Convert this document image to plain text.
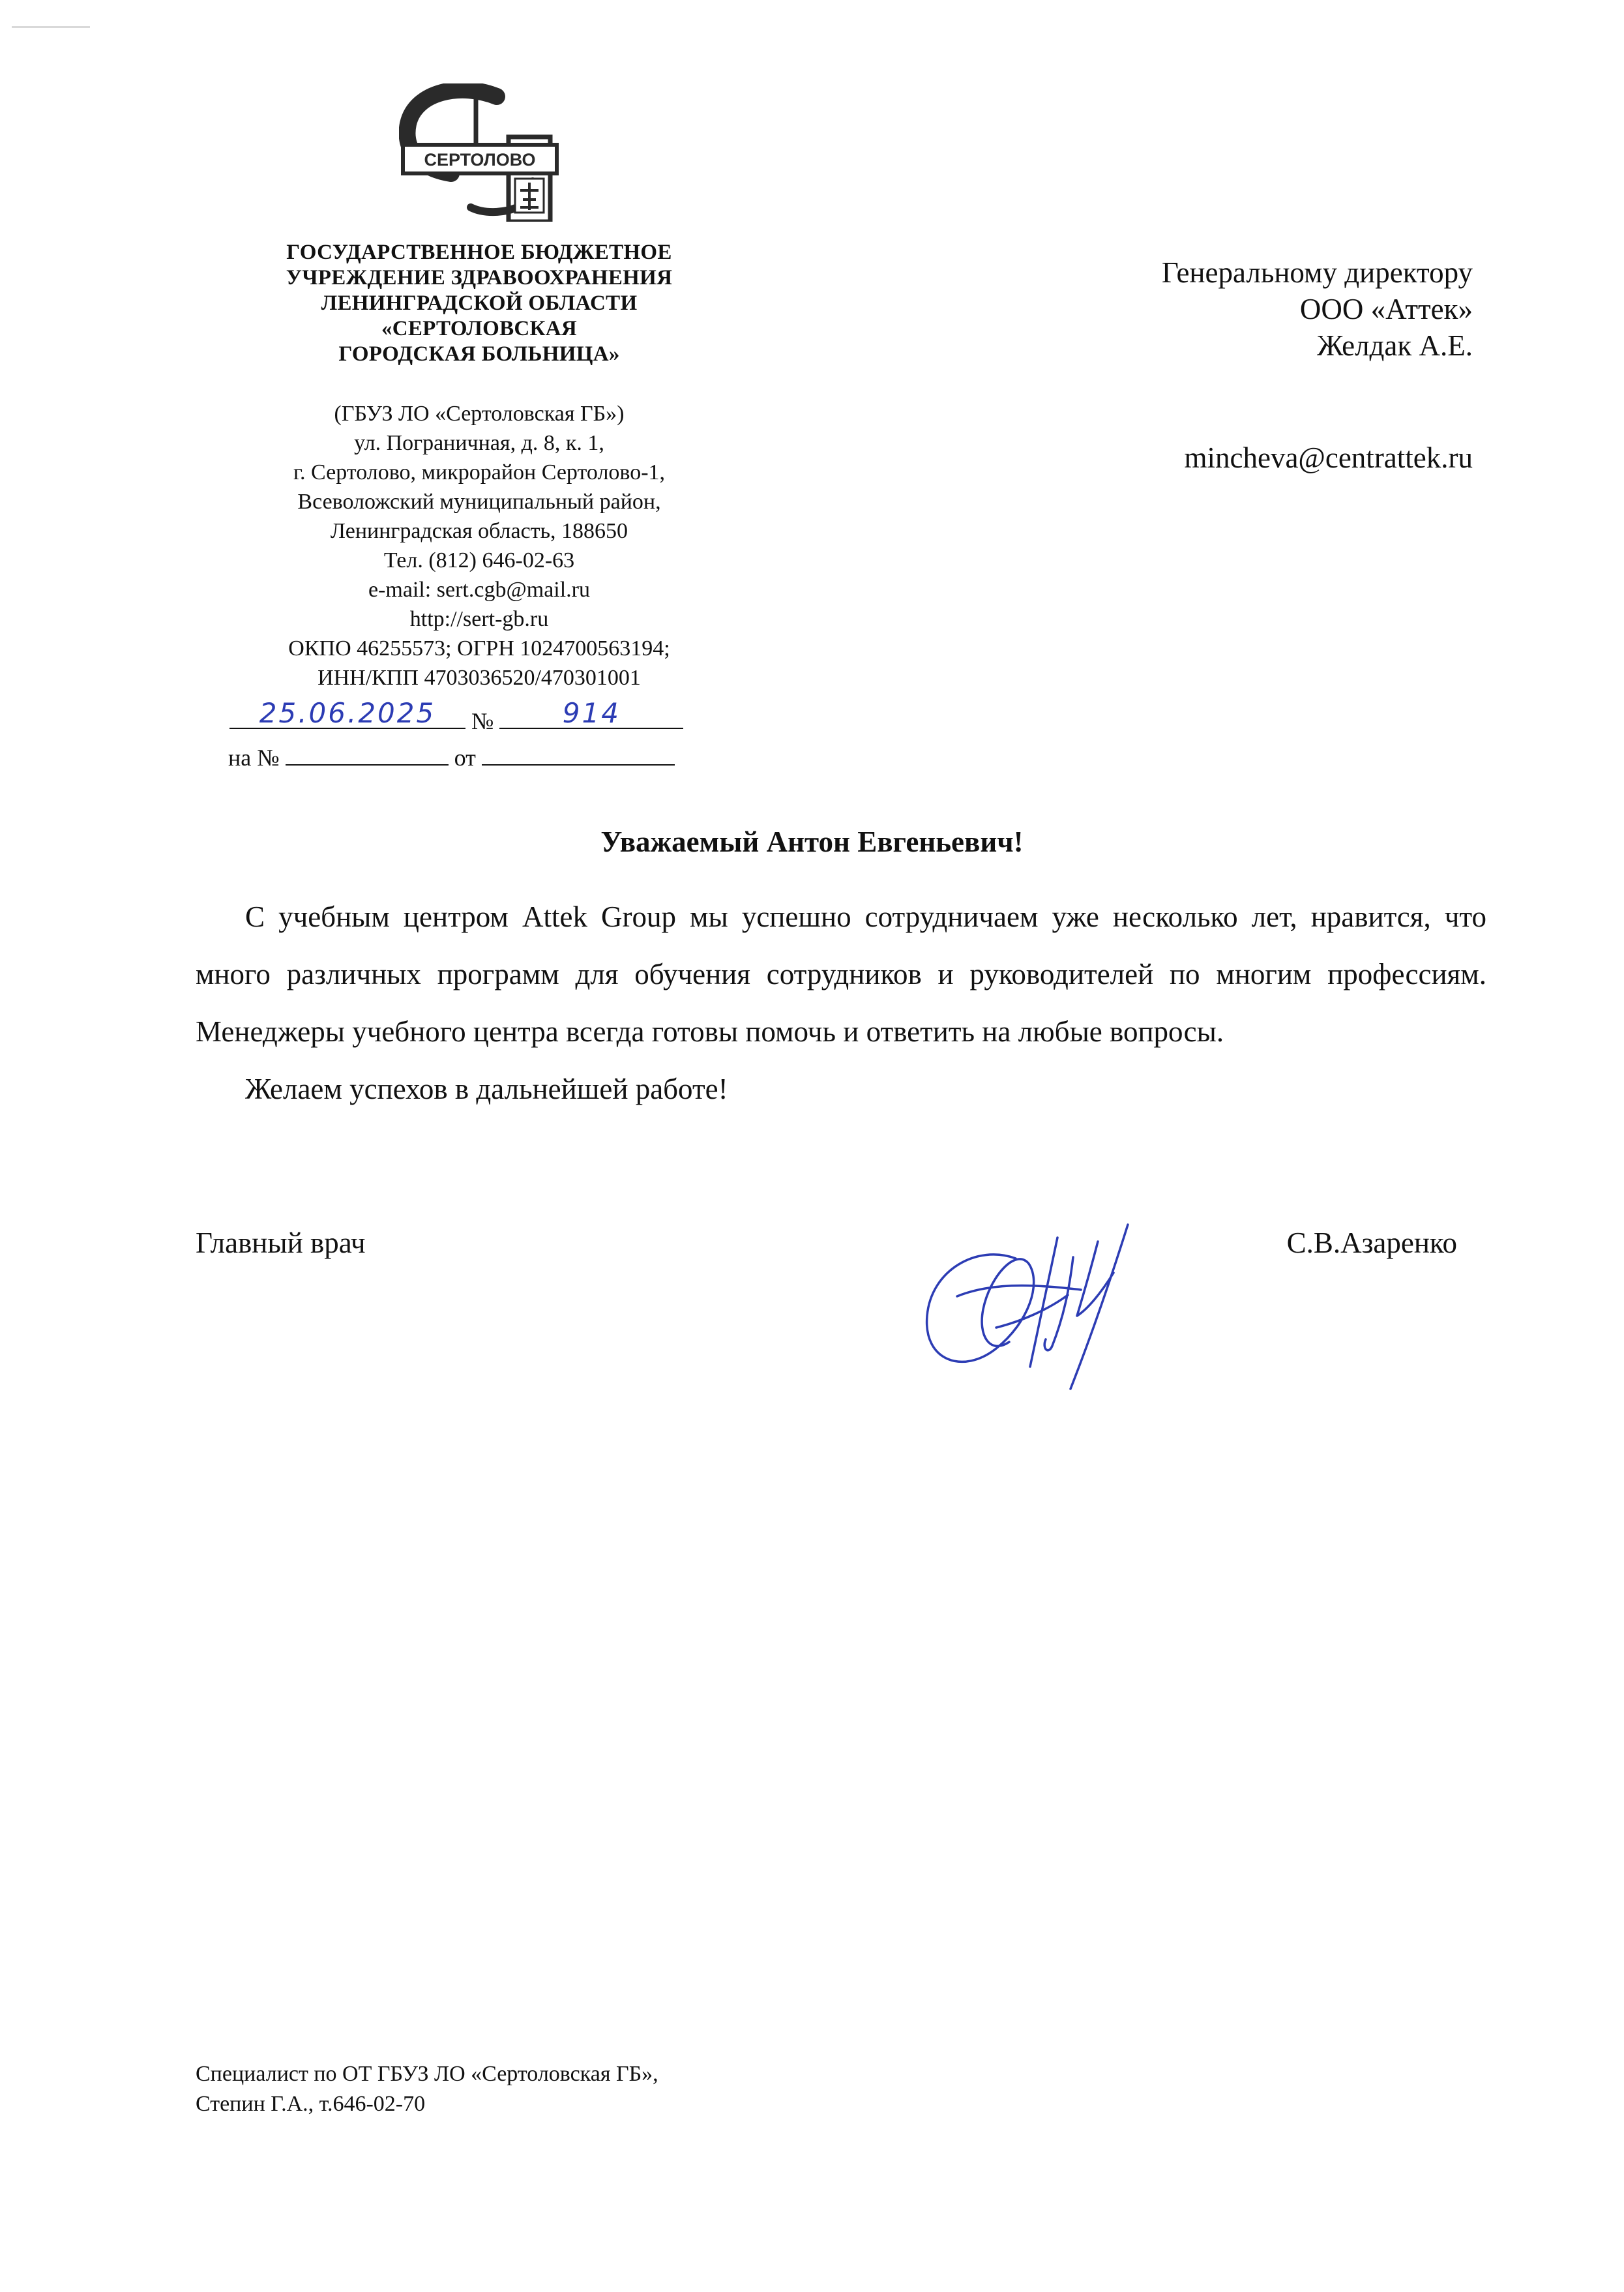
СЕРТОЛОВО
ГОСУДАРСТВЕННОЕ БЮДЖЕТНОЕ
УЧРЕЖДЕНИЕ ЗДРАВООХРАНЕНИЯ
ЛЕНИНГРАДСКОЙ ОБЛАСТИ
«СЕРТОЛОВСКАЯ
ГОРОДСКАЯ БОЛЬНИЦА»
(ГБУЗ ЛО «Сертоловская ГБ»)
ул. Пограничная, д. 8, к. 1,
г. Сертолово, микрорайон Сертолово-1,
Всеволожский муниципальный район,
Ленинградская область, 188650
Тел. (812) 646-02-63
e-mail: sert.cgb@mail.ru
http://sert-gb.ru
ОКПО 46255573; ОГРН 1024700563194;
ИНН/КПП 4703036520/470301001
25.06.2025	№	914
на №	от
Генеральному директору
ООО «Аттек»
Желдак А.Е.
mincheva@centrattek.ru
Уважаемый Антон Евгеньевич!

С учебным центром Attek Group мы успешно сотрудничаем уже несколько лет, нравится, что много различных программ для обучения сотрудников и руководителей по многим профессиям. Менеджеры учебного центра всегда готовы помочь и ответить на любые вопросы.

Желаем успехов в дальнейшей работе!

Главный врач	С.В.Азаренко
Специалист по ОТ ГБУЗ ЛО «Сертоловская ГБ»,
Степин Г.А., т.646-02-70
